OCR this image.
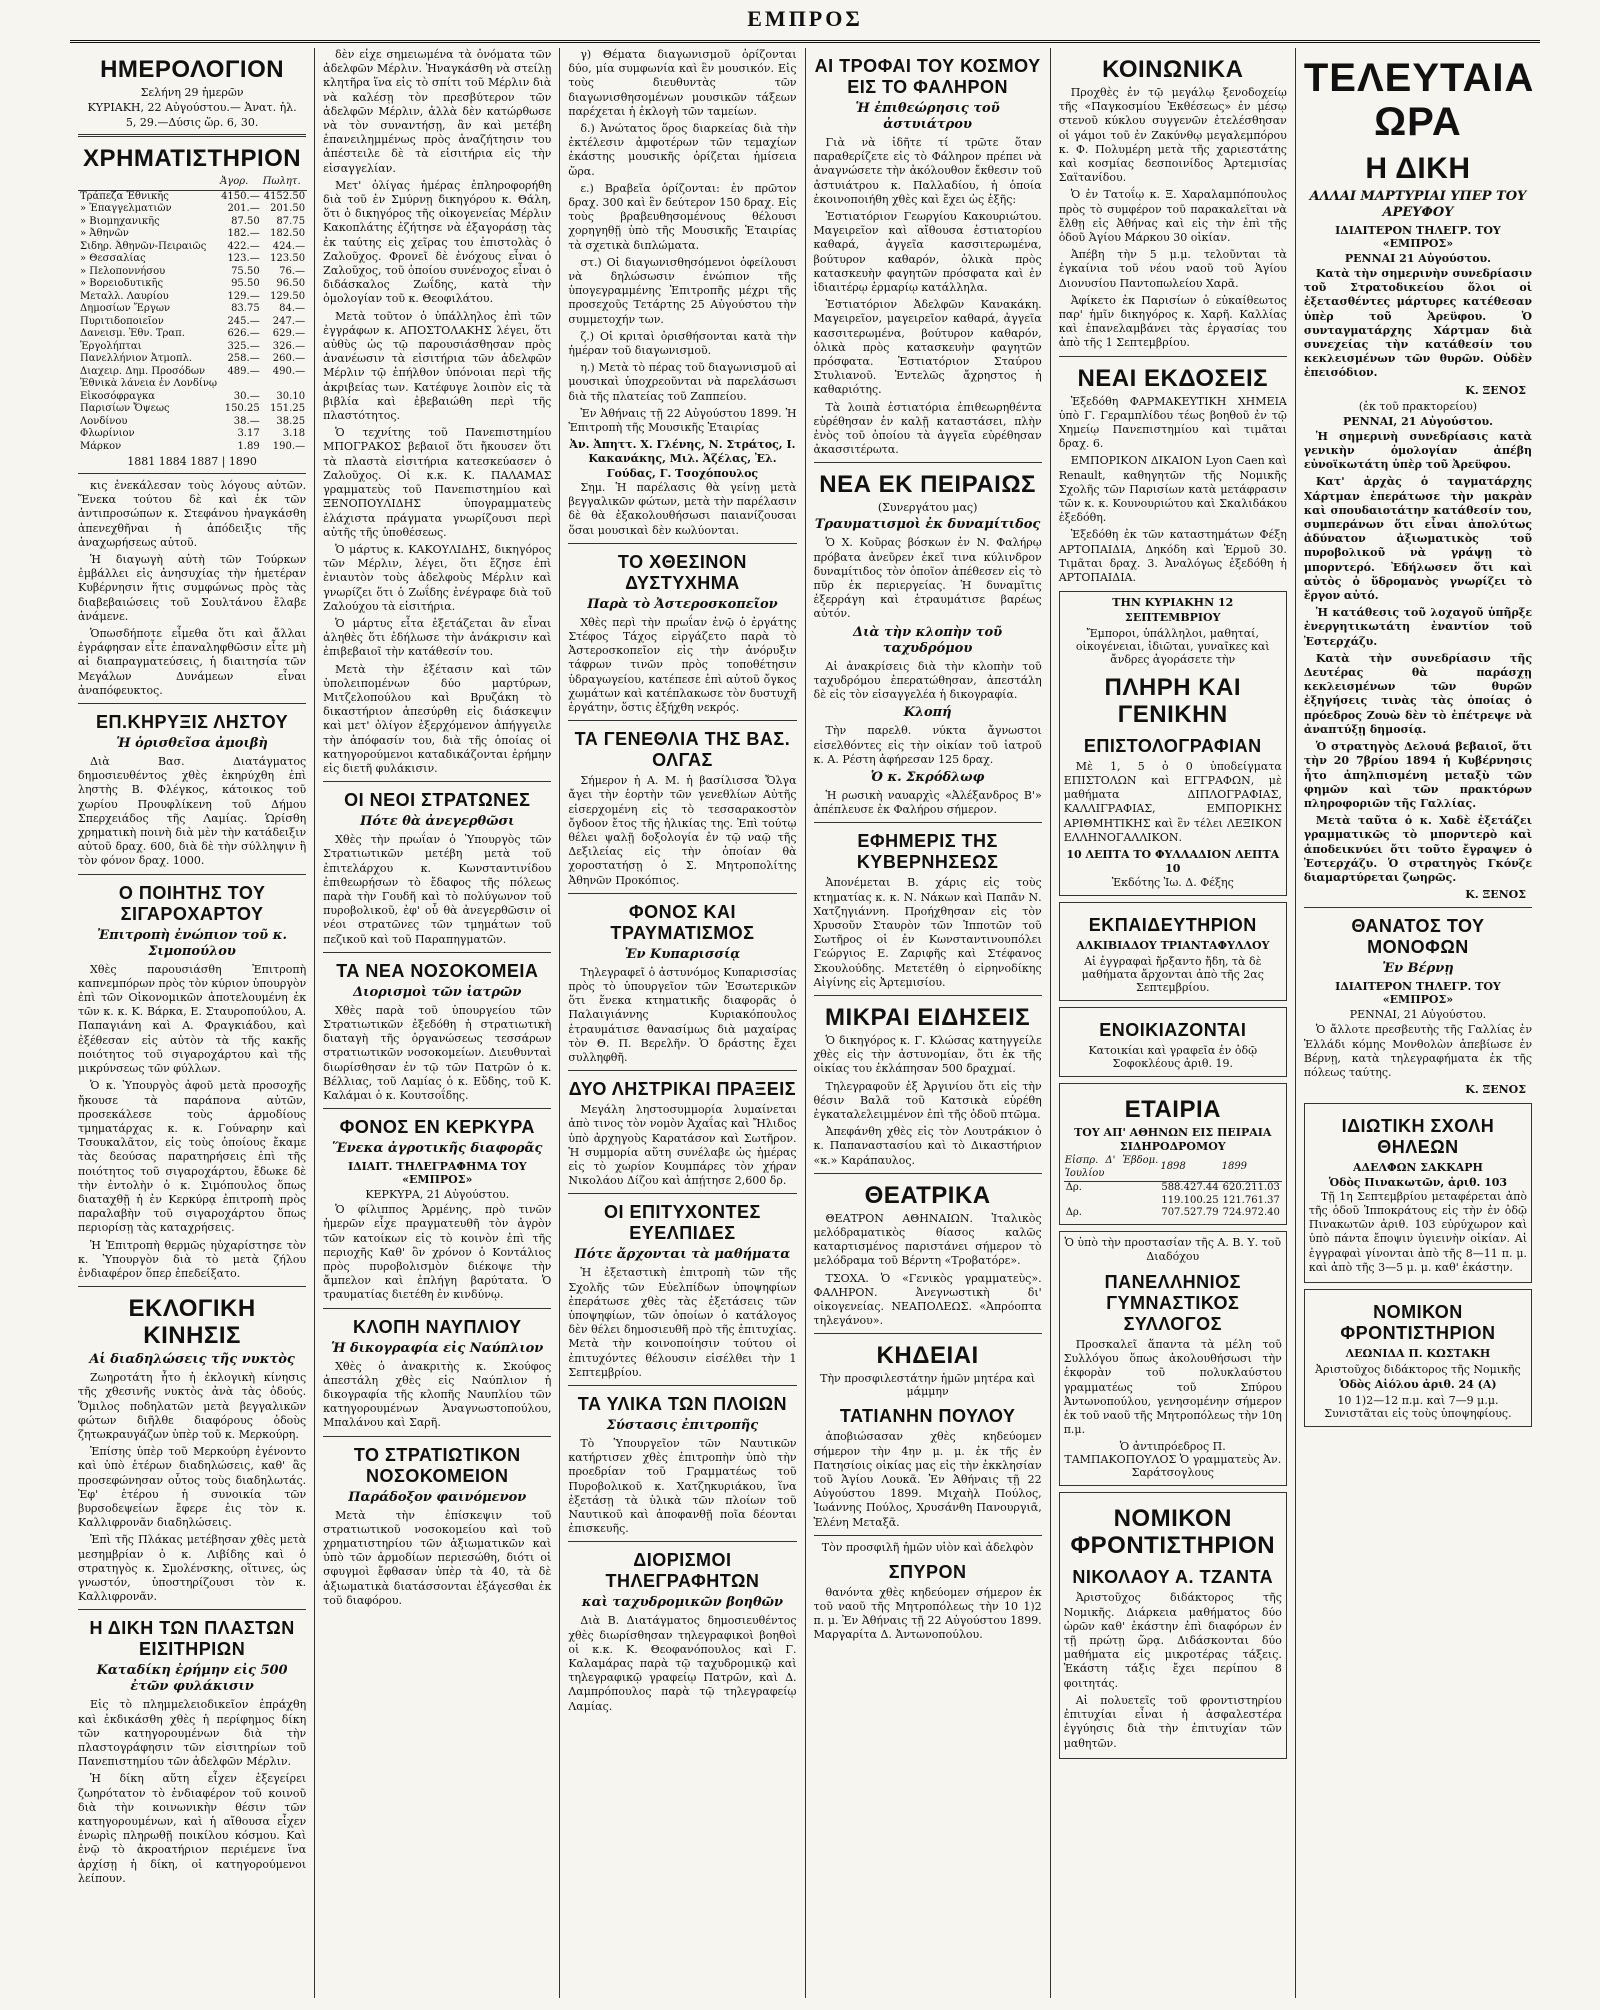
ΕΜΠΡΟΣ
ΗΜΕΡΟΛΟΓΙΟΝ
Σελήνη 29 ἡμερῶν
ΚΥΡΙΑΚΗ, 22 Αὐγούστου.— Ἀνατ. ἡλ.
5, 29.—Δύσις ὥρ. 6, 30.
ΧΡΗΜΑΤΙΣΤΗΡΙΟΝ
	Ἀγορ.	Πωλητ.
Τράπεζα Ἐθνικῆς	4150.—	4152.50
» Ἐπαγγελματιῶν	201.—	201.50
» Βιομηχανικῆς	87.50	87.75
» Ἀθηνῶν	182.—	182.50
Σιδηρ. Ἀθηνῶν-Πειραιῶς	422.—	424.—
» Θεσσαλίας	123.—	123.50
» Πελοποννήσου	75.50	76.—
» Βορειοδυτικῆς	95.50	96.50
Μεταλλ. Λαυρίου	129.—	129.50
Δημοσίων Ἔργων	83.75	84.—
Πυριτιδοποιεῖον	245.—	247.—
Δανεισμ. Ἐθν. Τραπ.	626.—	629.—
Ἐργολήπται	325.—	326.—
Πανελλήνιον Ἀτμοπλ.	258.—	260.—
Διαχειρ. Δημ. Προσόδων	489.—	490.—
Ἐθνικὰ λάνεια ἐν Λονδίνῳ		
Εἰκοσόφραγκα	30.—	30.10
Παρισίων Ὄψεως	150.25	151.25
Λονδίνου	38.—	38.25
Φλωρίνιον	3.17	3.18
Μάρκον	1.89	190.—
1881 1884 1887 | 1890

κις ἐνεκάλεσαν τοὺς λόγους αὐτῶν. Ἕνεκα τούτου δὲ καὶ ἐκ τῶν ἀντιπροσώπων κ. Στεφάνου ἠναγκάσθη ἀπενεχθῆναι ἡ ἀπόδειξις τῆς ἀναχωρήσεως αὐτοῦ.

Ἡ διαγωγὴ αὐτὴ τῶν Τούρκων ἐμβάλλει εἰς ἀνησυχίας τὴν ἡμετέραν Κυβέρνησιν ἥτις συμφώνως πρὸς τὰς διαβεβαιώσεις τοῦ Σουλτάνου ἔλαβε ἀνάμενε.

Ὁπωσδήποτε εἶμεθα ὅτι καὶ ἄλλαι ἐγράφησαν εἶτε ἐπαναληφθῶσιν εἶτε μὴ αἱ διαπραγματεύσεις, ἡ διαιτησία τῶν Μεγάλων Δυνάμεων εἶναι ἀναπόφευκτος.

ΕΠ.ΚΗΡΥΞΙΣ ΛΗΣΤΟΥ
Ἡ ὁρισθεῖσα ἀμοιβὴ

Διὰ Βασ. Διατάγματος δημοσιευθέντος χθὲς ἐκηρύχθη ἐπὶ ληστὴς Β. Φλέγκος, κάτοικος τοῦ χωρίου Προυφλίκενη τοῦ Δήμου Σπερχειάδος τῆς Λαμίας. Ὡρίσθη χρηματικὴ ποινὴ διὰ μὲν τὴν κατάδειξιν αὐτοῦ δραχ. 600, διὰ δὲ τὴν σύλληψιν ἢ τὸν φόνον δραχ. 1000.

Ο ΠΟΙΗΤΗΣ ΤΟΥ ΣΙΓΑΡΟΧΑΡΤΟΥ
Ἐπιτροπὴ ἐνώπιον τοῦ κ. Σιμοπούλου

Χθὲς παρουσιάσθη Ἐπιτροπὴ καπνεμπόρων πρὸς τὸν κύριον ὑπουργὸν ἐπὶ τῶν Οἰκονομικῶν ἀποτελουμένη ἐκ τῶν κ. κ. Κ. Βάρκα, Ε. Σταυροπούλου, Α. Παπαγιάνη καὶ Α. Φραγκιάδου, καὶ ἐξέθεσαν εἰς αὐτὸν τὰ τῆς κακῆς ποιότητος τοῦ σιγαροχάρτου καὶ τῆς μικρύνσεως τῶν φύλλων.

Ὁ κ. Ὑπουργὸς ἀφοῦ μετὰ προσοχῆς ἤκουσε τὰ παράπονα αὐτῶν, προσεκάλεσε τοὺς ἁρμοδίους τμηματάρχας κ. κ. Γούναρην καὶ Τσουκαλᾶτον, εἰς τοὺς ὁποίους ἔκαμε τὰς δεούσας παρατηρήσεις ἐπὶ τῆς ποιότητος τοῦ σιγαροχάρτου, ἔδωκε δὲ τὴν ἐντολὴν ὁ κ. Σιμόπουλος ὅπως διαταχθῇ ἡ ἐν Κερκύρᾳ ἐπιτροπὴ πρὸς παραλαβὴν τοῦ σιγαροχάρτου ὅπως περιορίσῃ τὰς καταχρήσεις.

Ἡ Ἐπιτροπὴ θερμῶς ηὐχαρίστησε τὸν κ. Ὑπουργὸν διὰ τὸ μετὰ ζήλου ἐνδιαφέρον ὅπερ ἐπεδείξατο.

ΕΚΛΟΓΙΚΗ ΚΙΝΗΣΙΣ
Αἱ διαδηλώσεις τῆς νυκτὸς

Ζωηροτάτη ἦτο ἡ ἐκλογικὴ κίνησις τῆς χθεσινῆς νυκτὸς ἀνὰ τὰς ὁδούς. Ὅμιλος ποδηλατῶν μετὰ βεγγαλικῶν φώτων διῆλθε διαφόρους ὁδοὺς ζητωκραυγάζων ὑπὲρ τοῦ κ. Μερκούρη.

Ἐπίσης ὑπὲρ τοῦ Μερκούρη ἐγένοντο καὶ ὑπὸ ἑτέρων διαδηλώσεις, καθ' ἃς προσεφώνησαν οὗτος τοὺς διαδηλωτάς. Ἐφ' ἑτέρου ἡ συνοικία τῶν βυρσοδεψείων ἔφερε ἐις τὸν κ. Καλλιφρονᾶν διαδηλώσεις.

Ἐπὶ τῆς Πλάκας μετέβησαν χθὲς μετὰ μεσημβρίαν ὁ κ. Λιβίδης καὶ ὁ στρατηγὸς κ. Σμολένσκης, οἵτινες, ὡς γνωστόν, ὑποστηρίζουσι τὸν κ. Καλλιφρονᾶν.

Η ΔΙΚΗ ΤΩΝ ΠΛΑΣΤΩΝ ΕΙΣΙΤΗΡΙΩΝ
Καταδίκη ἐρήμην εἰς 500 ἐτῶν φυλάκισιν

Εἰς τὸ πλημμελειοδικεῖον ἐπράχθη καὶ ἐκδικάσθη χθὲς ἡ περίφημος δίκη τῶν κατηγορουμένων διὰ τὴν πλαστογράφησιν τῶν εἰσιτηρίων τοῦ Πανεπιστημίου τῶν ἀδελφῶν Μέρλιν.

Ἡ δίκη αὕτη εἶχεν ἐξεγείρει ζωηρότατον τὸ ἐνδιαφέρον τοῦ κοινοῦ διὰ τὴν κοινωνικὴν θέσιν τῶν κατηγορουμένων, καὶ ἡ αἴθουσα εἶχεν ἐνωρὶς πληρωθῇ ποικίλου κόσμου. Καὶ ἐνῷ τὸ ἀκροατήριον περιέμενε ἵνα ἀρχίσῃ ἡ δίκη, οἱ κατηγορούμενοι λείπουν.

δὲν εἶχε σημειωμένα τὰ ὀνόματα τῶν ἀδελφῶν Μέρλιν. Ἠναγκάσθη νὰ στείλῃ κλητῆρα ἵνα εἰς τὸ σπίτι τοῦ Μέρλιν διὰ νὰ καλέσῃ τὸν πρεσβύτερον τῶν ἀδελφῶν Μέρλιν, ἀλλὰ δὲν κατώρθωσε νὰ τὸν συναντήσῃ, ἂν καὶ μετέβη ἐπανειλημμένως πρὸς ἀναζήτησιν του ἀπέστειλε δὲ τὰ εἰσιτήρια εἰς τὴν εἰσαγγελίαν.

Μετ' ὀλίγας ἡμέρας ἐπληροφορήθη διὰ τοῦ ἐν Σμύρνῃ δικηγόρου κ. Θάλη, ὅτι ὁ δικηγόρος τῆς οἰκογενείας Μέρλιν Κακοπλάτης ἐζήτησε νὰ ἐξαγοράσῃ τὰς ἐκ ταύτης εἰς χεῖρας του ἐπιστολὰς ὁ Ζαλοῦχος. Φρονεῖ δὲ ἐνόχους εἶναι ὁ Ζαλοῦχος, τοῦ ὁποίου συνένοχος εἶναι ὁ διδάσκαλος Ζωΐδης, κατὰ τὴν ὁμολογίαν τοῦ κ. Θεοφιλάτου.

Μετὰ τοῦτον ὁ ὑπάλληλος ἐπὶ τῶν ἐγγράφων κ. ΑΠΟΣΤΟΛΑΚΗΣ λέγει, ὅτι αὐθὺς ὡς τῷ παρουσιάσθησαν πρὸς ἀνανέωσιν τὰ εἰσιτήρια τῶν ἀδελφῶν Μέρλιν τῷ ἐπήλθον ὑπόνοιαι περὶ τῆς ἀκριβείας των. Κατέφυγε λοιπὸν εἰς τὰ βιβλία καὶ ἐβεβαιώθη περὶ τῆς πλαστότητος.

Ὁ τεχνίτης τοῦ Πανεπιστημίου ΜΠΟΓΡΑΚΟΣ βεβαιοῖ ὅτι ἤκουσεν ὅτι τὰ πλαστὰ εἰσιτήρια κατεσκεύασεν ὁ Ζαλοῦχος. Οἱ κ.κ. Κ. ΠΑΛΑΜΑΣ γραμματεὺς τοῦ Πανεπιστημίου καὶ ΞΕΝΟΠΟΥΛΙΔΗΣ ὑπογραμματεὺς ἐλάχιστα πράγματα γνωρίζουσι περὶ αὐτῆς τῆς ὑποθέσεως.

Ὁ μάρτυς κ. ΚΑΚΟΥΛΙΔΗΣ, δικηγόρος τῶν Μέρλιν, λέγει, ὅτι ἔζησε ἐπὶ ἐνιαυτὸν τοὺς ἀδελφοὺς Μέρλιν καὶ γνωρίζει ὅτι ὁ Ζωΐδης ἐνέγραφε διὰ τοῦ Ζαλούχου τὰ εἰσιτήρια.

Ὁ μάρτυς εἶτα ἐξετάζεται ἂν εἶναι ἀληθὲς ὅτι ἐδήλωσε τὴν ἀνάκρισιν καὶ ἐπιβεβαιοῖ τὴν κατάθεσίν του.

Μετὰ τὴν ἐξέτασιν καὶ τῶν ὑπολειπομένων δύο μαρτύρων, Μιτζελοπούλου καὶ Βρυζάκη τὸ δικαστήριον ἀπεσύρθη εἰς διάσκεψιν καὶ μετ' ὀλίγον ἐξερχόμενον ἀπήγγειλε τὴν ἀπόφασίν του, διὰ τῆς ὁποίας οἱ κατηγορούμενοι καταδικάζονται ἐρήμην εἰς διετῆ φυλάκισιν.

ΟΙ ΝΕΟΙ ΣΤΡΑΤΩΝΕΣ
Πότε θὰ ἀνεγερθῶσι

Χθὲς τὴν πρωΐαν ὁ Ὑπουργὸς τῶν Στρατιωτικῶν μετέβη μετὰ τοῦ ἐπιτελάρχου κ. Κωνσταντινίδου ἐπιθεωρήσων τὸ ἔδαφος τῆς πόλεως παρὰ τὴν Γουδῆ καὶ τὸ πολύγωνον τοῦ πυροβολικοῦ, ἐφ' οὗ θὰ ἀνεγερθῶσιν οἱ νέοι στρατῶνες τῶν τμημάτων τοῦ πεζικοῦ καὶ τοῦ Παραπηγματῶν.

ΤΑ ΝΕΑ ΝΟΣΟΚΟΜΕΙΑ
Διορισμοὶ τῶν ἰατρῶν

Χθὲς παρὰ τοῦ ὑπουργείου τῶν Στρατιωτικῶν ἐξεδόθη ἡ στρατιωτικὴ διαταγὴ τῆς ὀργανώσεως τεσσάρων στρατιωτικῶν νοσοκομείων. Διευθυνταὶ διωρίσθησαν ἐν τῷ τῶν Πατρῶν ὁ κ. Βέλλιας, τοῦ Λαμίας ὁ κ. Εὔδης, τοῦ Κ. Καλάμαι ὁ κ. Κουτσοΐδης.

ΦΟΝΟΣ ΕΝ ΚΕΡΚΥΡΑ
Ἕνεκα ἀγροτικῆς διαφορᾶς
ΙΔΙΑΙΤ. ΤΗΛΕΓΡΑΦΗΜΑ ΤΟΥ «ΕΜΠΡΟΣ»
ΚΕΡΚΥΡΑ, 21 Αὐγούστου.

Ὁ φίλιππος Ἀρμένης, πρὸ τινῶν ἡμερῶν εἶχε πραγματευθῆ τὸν ἀγρὸν τῶν κατοίκων εἰς τὸ κοινὸν ἐπὶ τῆς περιοχῆς Καθ' ὃν χρόνον ὁ Κοντάλιος πρὸς πυροβολισμὸν διέκοψε τὴν ἄμπελον καὶ ἐπλήγη βαρύτατα. Ὁ τραυματίας διετέθη ἐν κινδύνῳ.

ΚΛΟΠΗ ΝΑΥΠΛΙΟΥ
Ἡ δικογραφία εἰς Ναύπλιον

Χθὲς ὁ ἀνακριτὴς κ. Σκούφος ἀπεστάλη χθὲς εἰς Ναύπλιον ἡ δικογραφία τῆς κλοπῆς Ναυπλίου τῶν κατηγορουμένων Ἀναγνωστοπούλου, Μπαλάνου καὶ Σαρῆ.

ΤΟ ΣΤΡΑΤΙΩΤΙΚΟΝ ΝΟΣΟΚΟΜΕΙΟΝ
Παράδοξον φαινόμενον

Μετὰ τὴν ἐπίσκεψιν τοῦ στρατιωτικοῦ νοσοκομείου καὶ τοῦ χρηματιστηρίου τῶν ἀξιωματικῶν καὶ ὑπὸ τῶν ἀρμοδίων περιεσώθη, διότι οἱ σφυγμοὶ ἔφθασαν ὑπὲρ τὰ 40, τὰ δὲ ἀξιωματικὰ διατάσσονται ἐξάγεσθαι ἐκ τοῦ διαφόρου.

γ) Θέματα διαγωνισμοῦ ὁρίζονται δύο, μία συμφωνία καὶ ἓν μουσικόν. Εἰς τοὺς διευθυντὰς τῶν διαγωνισθησομένων μουσικῶν τάξεων παρέχεται ἡ ἐκλογὴ τῶν ταμείων.

δ.) Ἀνώτατος ὅρος διαρκείας διὰ τὴν ἐκτέλεσιν ἀμφοτέρων τῶν τεμαχίων ἑκάστης μουσικῆς ὁρίζεται ἡμίσεια ὥρα.

ε.) Βραβεῖα ὁρίζονται: ἐν πρῶτον δραχ. 300 καὶ ἓν δεύτερον 150 δραχ. Εἰς τοὺς βραβευθησομένους θέλουσι χορηγηθῇ ὑπὸ τῆς Μουσικῆς Ἑταιρίας τὰ σχετικὰ διπλώματα.

στ.) Οἱ διαγωνισθησόμενοι ὀφείλουσι νὰ δηλώσωσιν ἐνώπιον τῆς ὑπογεγραμμένης Ἐπιτροπῆς μέχρι τῆς προσεχοῦς Τετάρτης 25 Αὐγούστου τὴν συμμετοχήν των.

ζ.) Οἱ κριταὶ ὀρισθήσονται κατὰ τὴν ἡμέραν τοῦ διαγωνισμοῦ.

η.) Μετὰ τὸ πέρας τοῦ διαγωνισμοῦ αἱ μουσικαὶ ὑποχρεοῦνται νὰ παρελάσωσι διὰ τῆς πλατείας τοῦ Ζαππείου.

Ἐν Ἀθήναις τῇ 22 Αὐγούστου 1899. Ἡ Ἐπιτροπὴ τῆς Μουσικῆς Ἑταιρίας

Ἀν. Ἀπηττ. Χ. Γλένης, Ν. Στράτος, Ι. Κακανάκης, Μιλ. Ἀζέλας, Ἐλ. Γούδας, Γ. Τσοχόπουλος

Σημ. Ἡ παρέλασις θὰ γείνῃ μετὰ βεγγαλικῶν φώτων, μετὰ τὴν παρέλασιν δὲ θὰ ἐξακολουθήσωσι παιανίζουσαι ὅσαι μουσικαὶ δὲν κωλύονται.

ΤΟ ΧΘΕΣΙΝΟΝ ΔΥΣΤΥΧΗΜΑ
Παρὰ τὸ Ἀστεροσκοπεῖον

Χθὲς περὶ τὴν πρωΐαν ἐνῷ ὁ ἐργάτης Στέφος Τάχος εἰργάζετο παρὰ τὸ Ἀστεροσκοπεῖον εἰς τὴν ἀνόρυξιν τάφρων τινῶν πρὸς τοποθέτησιν ὑδραγωγείου, κατέπεσε ἐπὶ αὐτοῦ ὄγκος χωμάτων καὶ κατέπλακωσε τὸν δυστυχῆ ἐργάτην, ὅστις ἐξήχθη νεκρός.

ΤΑ ΓΕΝΕΘΛΙΑ ΤΗΣ ΒΑΣ. ΟΛΓΑΣ

Σήμερον ἡ Α. Μ. ἡ βασίλισσα Ὄλγα ἄγει τὴν ἑορτὴν τῶν γενεθλίων Αὐτῆς εἰσερχομένη εἰς τὸ τεσσαρακοστὸν ὄγδοον ἔτος τῆς ἡλικίας της. Ἐπὶ τούτῳ θέλει ψαλῇ δοξολογία ἐν τῷ ναῷ τῆς Δεξιλείας εἰς τὴν ὁποίαν θὰ χοροστατήσῃ ὁ Σ. Μητροπολίτης Ἀθηνῶν Προκόπιος.

ΦΟΝΟΣ ΚΑΙ ΤΡΑΥΜΑΤΙΣΜΟΣ
Ἐν Κυπαρισσίᾳ

Τηλεγραφεῖ ὁ ἀστυνόμος Κυπαρισσίας πρὸς τὸ ὑπουργεῖον τῶν Ἐσωτερικῶν ὅτι ἕνεκα κτηματικῆς διαφορᾶς ὁ Παλαιγιάννης Κυριακόπουλος ἐτραυμάτισε θανασίμως διὰ μαχαίρας τὸν Θ. Π. Βερελῆν. Ὁ δράστης ἔχει συλληφθῆ.

ΔΥΟ ΛΗΣΤΡΙΚΑΙ ΠΡΑΞΕΙΣ

Μεγάλη ληστοσυμμορία λυμαίνεται ἀπὸ τινος τὸν νομὸν Ἀχαΐας καὶ Ἤλιδος ὑπὸ ἀρχηγοὺς Καρατάσον καὶ Σωτῆρον. Ἡ συμμορία αὕτη συνέλαβε ὡς ἡμέρας εἰς τὸ χωρίον Κουμπάρες τὸν χήραν Νικολάου Δίζου καὶ ἀπῄτησε 2,600 δρ.

ΟΙ ΕΠΙΤΥΧΟΝΤΕΣ ΕΥΕΛΠΙΔΕΣ
Πότε ἄρχονται τὰ μαθήματα

Ἡ ἐξεταστικὴ ἐπιτροπὴ τῶν τῆς Σχολῆς τῶν Εὐελπίδων ὑποψηφίων ἐπεράτωσε χθὲς τὰς ἐξετάσεις τῶν ὑποψηφίων, τῶν ὁποίων ὁ κατάλογος δὲν θέλει δημοσιευθῆ πρὸ τῆς ἐπιτυχίας. Μετὰ τὴν κοινοποίησιν τούτου οἱ ἐπιτυχόντες θέλουσιν εἰσέλθει τὴν 1 Σεπτεμβρίου.

ΤΑ ΥΛΙΚΑ ΤΩΝ ΠΛΟΙΩΝ
Σύστασις ἐπιτροπῆς

Τὸ Ὑπουργεῖον τῶν Ναυτικῶν κατήρτισεν χθὲς ἐπιτροπὴν ὑπὸ τὴν προεδρίαν τοῦ Γραμματέως τοῦ Πυροβολικοῦ κ. Χατζηκυριάκου, ἵνα ἐξετάσῃ τὰ ὑλικὰ τῶν πλοίων τοῦ Ναυτικοῦ καὶ ἀποφανθῇ ποῖα δέονται ἐπισκευῆς.

ΔΙΟΡΙΣΜΟΙ ΤΗΛΕΓΡΑΦΗΤΩΝ
καὶ ταχυδρομικῶν βοηθῶν

Διὰ Β. Διατάγματος δημοσιευθέντος χθὲς διωρίσθησαν τηλεγραφικοὶ βοηθοὶ οἱ κ.κ. Κ. Θεοφανόπουλος καὶ Γ. Καλαμάρας παρὰ τῷ ταχυδρομικῷ καὶ τηλεγραφικῷ γραφείῳ Πατρῶν, καὶ Δ. Λαμπρόπουλος παρὰ τῷ τηλεγραφείῳ Λαμίας.

ΑΙ ΤΡΟΦΑΙ ΤΟΥ ΚΟΣΜΟΥ ΕΙΣ ΤΟ ΦΑΛΗΡΟΝ
Ἡ ἐπιθεώρησις τοῦ ἀστυιάτρου

Γιὰ νὰ ἰδῆτε τί τρῶτε ὅταν παραθερίζετε εἰς τὸ Φάληρον πρέπει νὰ ἀναγνώσετε τὴν ἀκόλουθον ἔκθεσιν τοῦ ἀστυιάτρου κ. Παλλαδίου, ἡ ὁποία ἐκοινοποιήθη χθὲς καὶ ἔχει ὡς ἑξῆς:

Ἐστιατόριον Γεωργίου Κακουριώτου. Μαγειρεῖον καὶ αἴθουσα ἐστιατορίου καθαρά, ἀγγεῖα κασσιτερωμένα, βούτυρον καθαρόν, ὁλικὰ πρὸς κατασκευὴν φαγητῶν πρόσφατα καὶ ἐν ἰδιαιτέρῳ ἐρμαρίῳ κατάλληλα.

Ἐστιατόριον Ἀδελφῶν Κανακάκη. Μαγειρεῖον, μαγειρεῖον καθαρά, ἀγγεῖα κασσιτερωμένα, βούτυρον καθαρόν, ὁλικὰ πρὸς κατασκευὴν φαγητῶν πρόσφατα. Ἐστιατόριον Σταύρου Στυλιανοῦ. Ἐντελῶς ἄχρηστος ἡ καθαριότης.

Τὰ λοιπὰ ἐστιατόρια ἐπιθεωρηθέντα εὑρέθησαν ἐν καλῇ καταστάσει, πλὴν ἑνὸς τοῦ ὁποίου τὰ ἀγγεῖα εὑρέθησαν ἀκασσιτέρωτα.

ΝΕΑ ΕΚ ΠΕΙΡΑΙΩΣ
(Συνεργάτου μας)
Τραυματισμοὶ ἐκ δυναμίτιδος

Ὁ Χ. Κοῦρας βόσκων ἐν Ν. Φαλήρῳ πρόβατα ἀνεῦρεν ἐκεῖ τινα κύλινδρον δυναμίτιδος τὸν ὁποῖον ἀπέθεσεν εἰς τὸ πῦρ ἐκ περιεργείας. Ἡ δυναμῖτις ἐξερράγη καὶ ἐτραυμάτισε βαρέως αὐτόν.

Διὰ τὴν κλοπὴν τοῦ ταχυδρόμου

Αἱ ἀνακρίσεις διὰ τὴν κλοπὴν τοῦ ταχυδρόμου ἐπερατώθησαν, ἀπεστάλη δὲ εἰς τὸν εἰσαγγελέα ἡ δικογραφία.

Κλοπή

Τὴν παρελθ. νύκτα ἄγνωστοι εἰσελθόντες εἰς τὴν οἰκίαν τοῦ ἰατροῦ κ. Α. Ρέστη ἀφήρεσαν 125 δραχ.

Ὁ κ. Σκρόδλωφ

Ἡ ρωσικὴ ναυαρχὶς «Ἀλέξανδρος Β'» ἀπέπλευσε ἐκ Φαλήρου σήμερον.

ΕΦΗΜΕΡΙΣ ΤΗΣ ΚΥΒΕΡΝΗΣΕΩΣ

Ἀπονέμεται Β. χάρις εἰς τοὺς κτηματίας κ. κ. Ν. Νάκων καὶ Παπᾶν Ν. Χατζηγιάννη. Προήχθησαν εἰς τὸν Χρυσοῦν Σταυρὸν τῶν Ἱπποτῶν τοῦ Σωτῆρος οἱ ἐν Κωνσταντινουπόλει Γεώργιος Ε. Ζαριφῆς καὶ Στέφανος Σκουλούδης. Μετετέθη ὁ εἰρηνοδίκης Αἰγίνης εἰς Ἀρτεμισίου.

ΜΙΚΡΑΙ ΕΙΔΗΣΕΙΣ

Ὁ δικηγόρος κ. Γ. Κλώσας κατηγγείλε χθὲς εἰς τὴν ἀστυνομίαν, ὅτι ἐκ τῆς οἰκίας του ἐκλάπησαν 500 δραχμαί.

Τηλεγραφοῦν ἐξ Ἀργινίου ὅτι εἰς τὴν θέσιν Βαλᾶ τοῦ Κατσικὰ εὑρέθη ἐγκαταλελειμμένον ἐπὶ τῆς ὁδοῦ πτῶμα.

Ἀπεφάνθη χθὲς εἰς τὸν Λουτράκιον ὁ κ. Παπαναστασίου καὶ τὸ Δικαστήριον «κ.» Καράπαυλος.

ΘΕΑΤΡΙΚΑ

ΘΕΑΤΡΟΝ ΑΘΗΝΑΙΩΝ. Ἰταλικὸς μελόδραματικὸς θίασος καλῶς καταρτισμένος παριστάνει σήμερον τὸ μελόδραμα τοῦ Βέρντη «Τροβατόρε».

ΤΣΟΧΑ. Ὁ «Γενικὸς γραμματεὺς». ΦΑΛΗΡΟΝ. Ἀνεγνωστικὴ δι' οἰκογενείας. ΝΕΑΠΟΛΕΩΣ. «Ἀπρόοπτα τηλεγάνου».

ΚΗΔΕΙΑΙ
Τὴν προσφιλεστάτην ἡμῶν μητέρα καὶ μάμμην
ΤΑΤΙΑΝΗΝ ΠΟΥΛΟΥ

ἀποβιώσασαν χθὲς κηδεύομεν σήμερον τὴν 4ην μ. μ. ἐκ τῆς ἐν Πατησίοις οἰκίας μας εἰς τὴν ἐκκλησίαν τοῦ Ἁγίου Λουκᾶ. Ἐν Ἀθήναις τῇ 22 Αὐγούστου 1899. Μιχαὴλ Πούλος, Ἰωάννης Πούλος, Χρυσάνθη Πανουργιᾶ, Ἑλένη Μεταξᾶ.

Τὸν προσφιλῆ ἡμῶν υἱὸν καὶ ἀδελφὸν
ΣΠΥΡΟΝ

θανόντα χθὲς κηδεύομεν σήμερον ἐκ τοῦ ναοῦ τῆς Μητροπόλεως τὴν 10 1)2 π. μ. Ἐν Ἀθήναις τῇ 22 Αὐγούστου 1899. Μαργαρίτα Δ. Ἀντωνοπούλου.

ΚΟΙΝΩΝΙΚΑ

Προχθὲς ἐν τῷ μεγάλῳ ξενοδοχείῳ τῆς «Παγκοσμίου Ἐκθέσεως» ἐν μέσῳ στενοῦ κύκλου συγγενῶν ἐτελέσθησαν οἱ γάμοι τοῦ ἐν Ζακύνθῳ μεγαλεμπόρου κ. Φ. Πολυμέρη μετὰ τῆς χαριεστάτης καὶ κοσμίας δεσποινίδος Ἀρτεμισίας Σαϊτανίδου.

Ὁ ἐν Τατοΐῳ κ. Ξ. Χαραλαμπόπουλος πρὸς τὸ συμφέρον τοῦ παρακαλεῖται νὰ ἔλθῃ εἰς Ἀθήνας καὶ εἰς τὴν ἐπὶ τῆς ὁδοῦ Ἀγίου Μάρκου 30 οἰκίαν.

Ἀπέβη τὴν 5 μ.μ. τελοῦνται τὰ ἐγκαίνια τοῦ νέου ναοῦ τοῦ Ἁγίου Διονυσίου Παντοπωλείου Χαρᾶ.

Ἀφίκετο ἐκ Παρισίων ὁ εὐκαίθεωτος παρ' ἡμῖν δικηγόρος κ. Χαρῆ. Καλλίας καὶ ἐπανελαμβάνει τὰς ἐργασίας του ἀπὸ τῆς 1 Σεπτεμβρίου.

ΝΕΑΙ ΕΚΔΟΣΕΙΣ

Ἐξεδόθη ΦΑΡΜΑΚΕΥΤΙΚΗ ΧΗΜΕΙΑ ὑπὸ Γ. Γεραμπλίδου τέως βοηθοῦ ἐν τῷ Χημείῳ Πανεπιστημίου καὶ τιμᾶται δραχ. 6.

ΕΜΠΟΡΙΚΟΝ ΔΙΚΑΙΟΝ Lyon Caen καὶ Renault, καθηγητῶν τῆς Νομικῆς Σχολῆς τῶν Παρισίων κατὰ μετάφρασιν τῶν κ. κ. Κουνουριώτου καὶ Σκαλιδάκου ἐξεδόθη.

Ἐξεδόθη ἐκ τῶν καταστημάτων Φέξη ΑΡΤΟΠΑΙΔΙΑ, Δηκόδη καὶ Ἑρμοῦ 30. Τιμᾶται δραχ. 3. Ἀναλόγως ἐξεδόθη ἡ ΑΡΤΟΠΑΙΔΙΑ.

ΤΗΝ ΚΥΡΙΑΚΗΝ 12 ΣΕΠΤΕΜΒΡΙΟΥ
Ἔμποροι, ὑπάλληλοι, μαθηταί, οἰκογένειαι, ἰδιῶται, γυναῖκες καὶ ἄνδρες ἀγοράσετε τὴν
ΠΛΗΡΗ ΚΑΙ ΓΕΝΙΚΗΝ
ΕΠΙΣΤΟΛΟΓΡΑΦΙΑΝ

Μὲ 1, 5 ὀ 0 ὑποδείγματα ΕΠΙΣΤΟΛΩΝ καὶ ΕΓΓΡΑΦΩΝ, μὲ μαθήματα ΔΙΠΛΟΓΡΑΦΙΑΣ, ΚΑΛΛΙΓΡΑΦΙΑΣ, ΕΜΠΟΡΙΚΗΣ ΑΡΙΘΜΗΤΙΚΗΣ καὶ ἓν τέλει ΛΕΞΙΚΟΝ ΕΛΛΗΝΟΓΑΛΛΙΚΟΝ.

10 ΛΕΠΤΑ ΤΟ ΦΥΛΛΑΔΙΟΝ ΛΕΠΤΑ 10
Ἐκδότης Ἰω. Δ. Φέξης
ΕΚΠΑΙΔΕΥΤΗΡΙΟΝ
ΑΛΚΙΒΙΑΔΟΥ ΤΡΙΑΝΤΑΦΥΛΛΟΥ
Αἱ ἐγγραφαὶ ἤρξαντο ἤδη, τὰ δὲ μαθήματα ἄρχονται ἀπὸ τῆς 2ας Σεπτεμβρίου.
ΕΝΟΙΚΙΑΖΟΝΤΑΙ
Κατοικίαι καὶ γραφεῖα ἐν ὁδῷ Σοφοκλέους ἀριθ. 19.
ΕΤΑΙΡΙΑ
ΤΟΥ ΑΠ' ΑΘΗΝΩΝ ΕΙΣ ΠΕΙΡΑΙΑ ΣΙΔΗΡΟΔΡΟΜΟΥ
Εἰσπρ. Δ' Ἑβδομ. Ἰουλίου	1898	1899
Δρ.	588.427.44	620.211.03
	119.100.25	121.761.37
Δρ.	707.527.79	724.972.40
Ὁ ὑπὸ τὴν προστασίαν τῆς Α. Β. Υ. τοῦ Διαδόχου
ΠΑΝΕΛΛΗΝΙΟΣ ΓΥΜΝΑΣΤΙΚΟΣ ΣΥΛΛΟΓΟΣ

Προσκαλεῖ ἅπαντα τὰ μέλη τοῦ Συλλόγου ὅπως ἀκολουθήσωσι τὴν ἐκφορὰν τοῦ πολυκλαύστου γραμματέως τοῦ Σπύρου Ἀντωνοπούλου, γενησομένην σήμερον ἐκ τοῦ ναοῦ τῆς Μητροπόλεως τὴν 10η π.μ.

Ὁ ἀντιπρόεδρος Π. ΤΑΜΠΑΚΟΠΟΥΛΟΣ Ὁ γραμματεὺς Ἀν. Σαράτσογλους
ΝΟΜΙΚΟΝ ΦΡΟΝΤΙΣΤΗΡΙΟΝ
ΝΙΚΟΛΑΟΥ Α. ΤΖΑΝΤΑ

Ἀριστοῦχος διδάκτορος τῆς Νομικῆς. Διάρκεια μαθήματος δύο ὡρῶν καθ' ἑκάστην ἐπὶ διαφόρων ἐν τῇ πρώτῃ ὥρᾳ. Διδάσκονται δύο μαθήματα εἰς μικροτέρας τάξεις. Ἑκάστη τάξις ἔχει περίπου 8 φοιτητάς.

Αἱ πολυετεῖς τοῦ φροντιστηρίου ἐπιτυχίαι εἶναι ἡ ἀσφαλεστέρα ἐγγύησις διὰ τὴν ἐπιτυχίαν τῶν μαθητῶν.

ΤΕΛΕΥΤΑΙΑ ΩΡΑ
Η ΔΙΚΗ
ΑΛΛΑΙ ΜΑΡΤΥΡΙΑΙ ΥΠΕΡ ΤΟΥ ΑΡΕΥΦΟΥ
ΙΔΙΑΙΤΕΡΟΝ ΤΗΛΕΓΡ. ΤΟΥ «ΕΜΠΡΟΣ»
ΡΕΝΝΑΙ 21 Αὐγούστου.

Κατὰ τὴν σημερινὴν συνεδρίασιν τοῦ Στρατοδικείου ὅλοι οἱ ἐξετασθέντες μάρτυρες κατέθεσαν ὑπὲρ τοῦ Ἀρεϋφου. Ὁ συνταγματάρχης Χάρτμαν διὰ συνεχείας τὴν κατάθεσίν του κεκλεισμένων τῶν θυρῶν. Οὐδὲν ἐπεισόδιον.

Κ. ΞΕΝΟΣ
(ἐκ τοῦ πρακτορείου)
ΡΕΝΝΑΙ, 21 Αὐγούστου.

Ἡ σημερινὴ συνεδρίασις κατὰ γενικὴν ὁμολογίαν ἀπέβη εὐνοϊκωτάτη ὑπὲρ τοῦ Ἀρεϋφου.

Κατ' ἀρχὰς ὁ ταγματάρχης Χάρτμαν ἐπεράτωσε τὴν μακρὰν καὶ σπουδαιοτάτην κατάθεσίν του, συμπεράνων ὅτι εἶναι ἀπολύτως ἀδύνατον ἀξιωματικὸς τοῦ πυροβολικοῦ νὰ γράψῃ τὸ μπορντερό. Ἐδήλωσεν ὅτι καὶ αὐτὸς ὁ ὕδρομανὸς γνωρίζει τὸ ἔργον αὐτό.

Ἡ κατάθεσις τοῦ λοχαγοῦ ὑπῆρξε ἐνεργητικωτάτη ἐναντίον τοῦ Ἐστερχάζυ.

Κατὰ τὴν συνεδρίασιν τῆς Δευτέρας θὰ παράσχῃ κεκλεισμένων τῶν θυρῶν ἐξηγήσεις τινὰς τὰς ὁποίας ὁ πρόεδρος Ζουὼ δὲν τὸ ἐπέτρεψε νὰ ἀναπτύξῃ δημοσίᾳ.

Ὁ στρατηγὸς Δελουά βεβαιοῖ, ὅτι τὴν 20 7βρίου 1894 ἡ Κυβέρνησις ἦτο ἀπηλπισμένη μεταξὺ τῶν φημῶν καὶ τῶν πρακτόρων πληροφοριῶν τῆς Γαλλίας.

Μετὰ ταῦτα ὁ κ. Χαδὲ ἐξετάζει γραμματικῶς τὸ μπορντερὸ καὶ ἀποδεικνύει ὅτι τοῦτο ἔγραψεν ὁ Ἐστερχάζυ. Ὁ στρατηγὸς Γκόνζε διαμαρτύρεται ζωηρῶς.

Κ. ΞΕΝΟΣ
ΘΑΝΑΤΟΣ ΤΟΥ ΜΟΝΟΦΩΝ
Ἐν Βέρνῃ
ΙΔΙΑΙΤΕΡΟΝ ΤΗΛΕΓΡ. ΤΟΥ «ΕΜΠΡΟΣ»
ΡΕΝΝΑΙ, 21 Αὐγούστου.

Ὁ ἄλλοτε πρεσβευτὴς τῆς Γαλλίας ἐν Ἑλλάδι κόμης Μονθολὼν ἀπεβίωσε ἐν Βέρνῃ, κατὰ τηλεγραφήματα ἐκ τῆς πόλεως ταύτης.

Κ. ΞΕΝΟΣ
ΙΔΙΩΤΙΚΗ ΣΧΟΛΗ ΘΗΛΕΩΝ
ΑΔΕΛΦΩΝ ΣΑΚΚΑΡΗ
Ὁδὸς Πινακωτῶν, ἀριθ. 103

Τῇ 1η Σεπτεμβρίου μεταφέρεται ἀπὸ τῆς ὁδοῦ Ἱπποκράτους εἰς τὴν ἐν ὁδῷ Πινακωτῶν ἀριθ. 103 εὐρύχωρον καὶ ὑπὸ πάντα ἔποψιν ὑγιεινὴν οἰκίαν. Αἱ ἐγγραφαὶ γίνονται ἀπὸ τῆς 8—11 π. μ. καὶ ἀπὸ τῆς 3—5 μ. μ. καθ' ἑκάστην.

ΝΟΜΙΚΟΝ ΦΡΟΝΤΙΣΤΗΡΙΟΝ
ΛΕΩΝΙΔΑ Π. ΚΩΣΤΑΚΗ
Ἀριστοῦχος διδάκτορος τῆς Νομικῆς
Ὁδὸς Αἰόλου ἀριθ. 24 (Α)
10 1)2—12 π.μ. καὶ 7—9 μ.μ. Συνιστᾶται εἰς τοὺς ὑποψηφίους.
